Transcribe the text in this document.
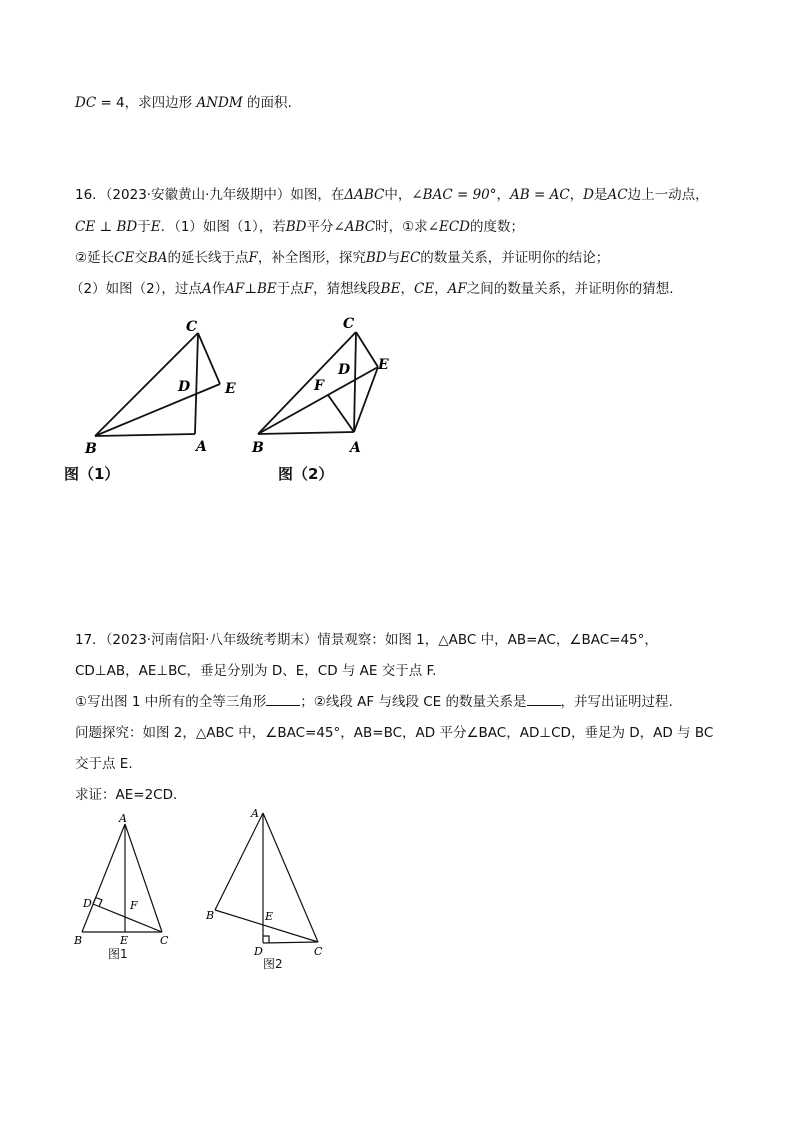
DC = 4，求四边形 ANDM 的面积.
16．（2023·安徽黄山·九年级期中）如图，在ΔABC中，∠BAC = 90°，AB = AC，D是AC边上一动点，
CE ⊥ BD于E．（1）如图（1），若BD平分∠ABC时，①求∠ECD的度数；
②延长CE交BA的延长线于点F，补全图形，探究BD与EC的数量关系，并证明你的结论；
（2）如图（2），过点A作AF⊥BE于点F，猜想线段BE，CE，AF之间的数量关系，并证明你的猜想.
C
D E
B	A
图（1）
C
D E
F
B	A
图（2）
17．（2023·河南信阳·八年级统考期末）情景观察：如图 1，△ABC 中，AB=AC，∠BAC=45°，
CD⊥AB，AE⊥BC，垂足分别为 D、E，CD 与 AE 交于点 F.
①写出图 1 中所有的全等三角形	；②线段 AF 与线段 CE 的数量关系是	，并写出证明过程.
问题探究：如图 2，△ABC 中，∠BAC=45°，AB=BC，AD 平分∠BAC，AD⊥CD，垂足为 D，AD 与 BC
交于点 E.
求证：AE=2CD.
A
D	F
B	E	C
图1
A
B	E
D	C
图2
